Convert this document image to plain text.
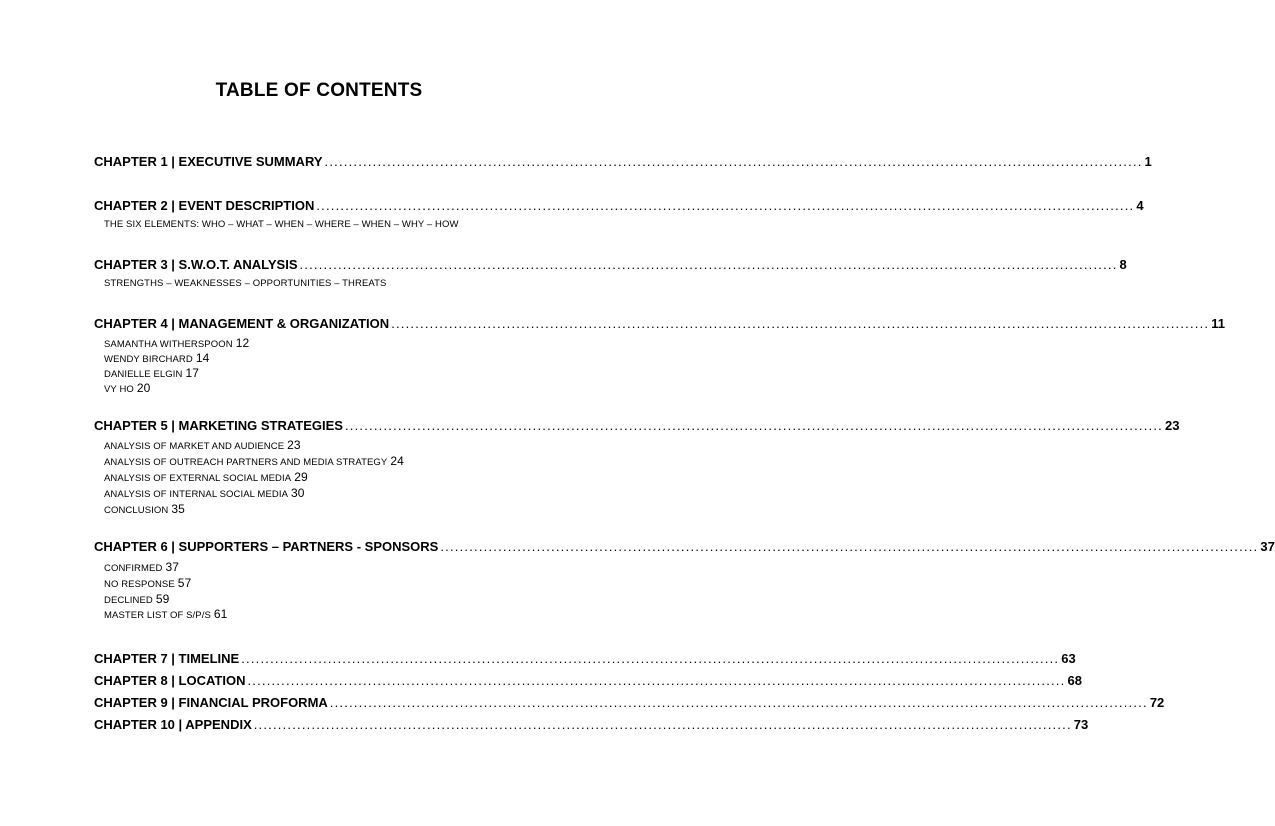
TABLE OF CONTENTS
CHAPTER 1 | EXECUTIVE SUMMARY .......................................................................................................................................................................... 1
CHAPTER 2 | EVENT DESCRIPTION .......................................................................................................................................................................... 4
THE SIX ELEMENTS: WHO – WHAT – WHEN – WHERE – WHEN – WHY – HOW
CHAPTER 3 | S.W.O.T. ANALYSIS .......................................................................................................................................................................... 8
STRENGTHS – WEAKNESSES – OPPORTUNITIES – THREATS
CHAPTER 4 | MANAGEMENT & ORGANIZATION .......................................................................................................................................................................... 11
SAMANTHA WITHERSPOON 12
WENDY BIRCHARD 14
DANIELLE ELGIN 17
VY HO 20
CHAPTER 5 | MARKETING STRATEGIES .......................................................................................................................................................................... 23
ANALYSIS OF MARKET AND AUDIENCE 23
ANALYSIS OF OUTREACH PARTNERS AND MEDIA STRATEGY 24
ANALYSIS OF EXTERNAL SOCIAL MEDIA 29
ANALYSIS OF INTERNAL SOCIAL MEDIA 30
CONCLUSION 35
CHAPTER 6 | SUPPORTERS – PARTNERS - SPONSORS .......................................................................................................................................................................... 37
CONFIRMED 37
NO RESPONSE 57
DECLINED 59
MASTER LIST OF S/P/S 61
CHAPTER 7 | TIMELINE .......................................................................................................................................................................... 63
CHAPTER 8 | LOCATION .......................................................................................................................................................................... 68
CHAPTER 9 | FINANCIAL PROFORMA .......................................................................................................................................................................... 72
CHAPTER 10 | APPENDIX .......................................................................................................................................................................... 73
